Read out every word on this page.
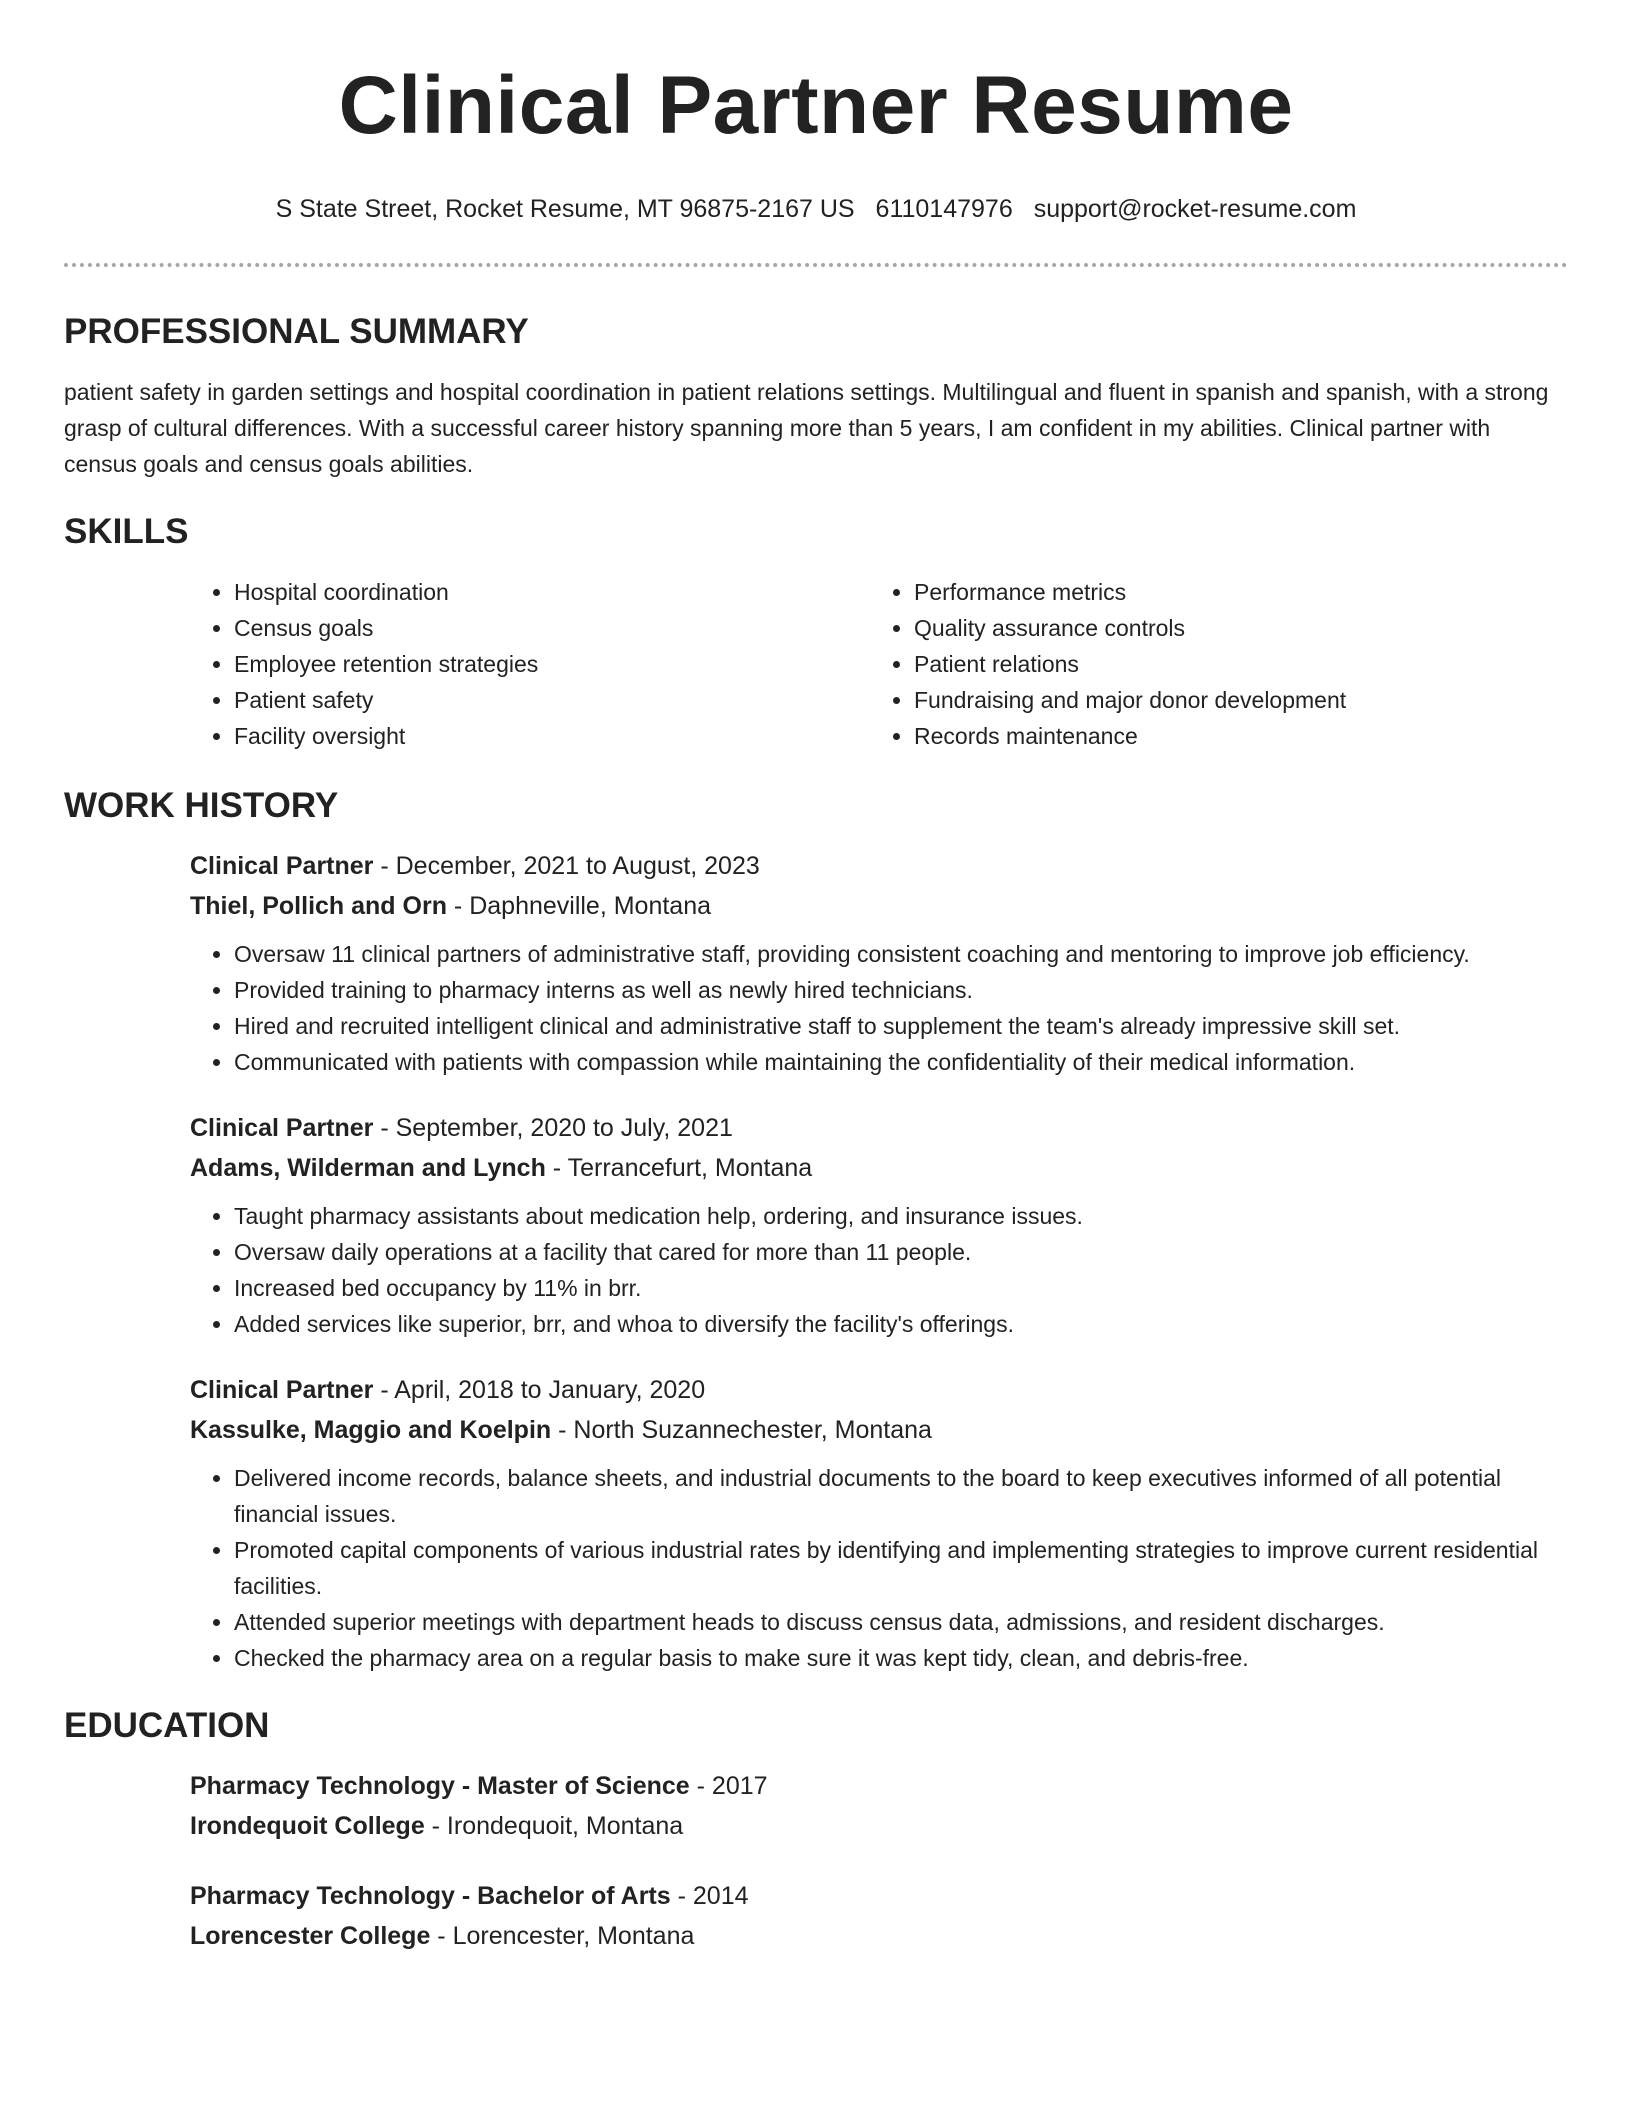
Clinical Partner Resume
S State Street, Rocket Resume, MT 96875-2167 US 6110147976 support@rocket-resume.com
PROFESSIONAL SUMMARY

patient safety in garden settings and hospital coordination in patient relations settings. Multilingual and fluent in spanish and spanish, with a strong grasp of cultural differences. With a successful career history spanning more than 5 years, I am confident in my abilities. Clinical partner with census goals and census goals abilities.

SKILLS
• Hospital coordination
• Census goals
• Employee retention strategies
• Patient safety
• Facility oversight
• Performance metrics
• Quality assurance controls
• Patient relations
• Fundraising and major donor development
• Records maintenance
WORK HISTORY
Clinical Partner - December, 2021 to August, 2023
Thiel, Pollich and Orn - Daphneville, Montana
• Oversaw 11 clinical partners of administrative staff, providing consistent coaching and mentoring to improve job efficiency.
• Provided training to pharmacy interns as well as newly hired technicians.
• Hired and recruited intelligent clinical and administrative staff to supplement the team's already impressive skill set.
• Communicated with patients with compassion while maintaining the confidentiality of their medical information.
Clinical Partner - September, 2020 to July, 2021
Adams, Wilderman and Lynch - Terrancefurt, Montana
• Taught pharmacy assistants about medication help, ordering, and insurance issues.
• Oversaw daily operations at a facility that cared for more than 11 people.
• Increased bed occupancy by 11% in brr.
• Added services like superior, brr, and whoa to diversify the facility's offerings.
Clinical Partner - April, 2018 to January, 2020
Kassulke, Maggio and Koelpin - North Suzannechester, Montana
• Delivered income records, balance sheets, and industrial documents to the board to keep executives informed of all potential financial issues.
• Promoted capital components of various industrial rates by identifying and implementing strategies to improve current residential facilities.
• Attended superior meetings with department heads to discuss census data, admissions, and resident discharges.
• Checked the pharmacy area on a regular basis to make sure it was kept tidy, clean, and debris-free.
EDUCATION
Pharmacy Technology - Master of Science - 2017
Irondequoit College - Irondequoit, Montana
Pharmacy Technology - Bachelor of Arts - 2014
Lorencester College - Lorencester, Montana
